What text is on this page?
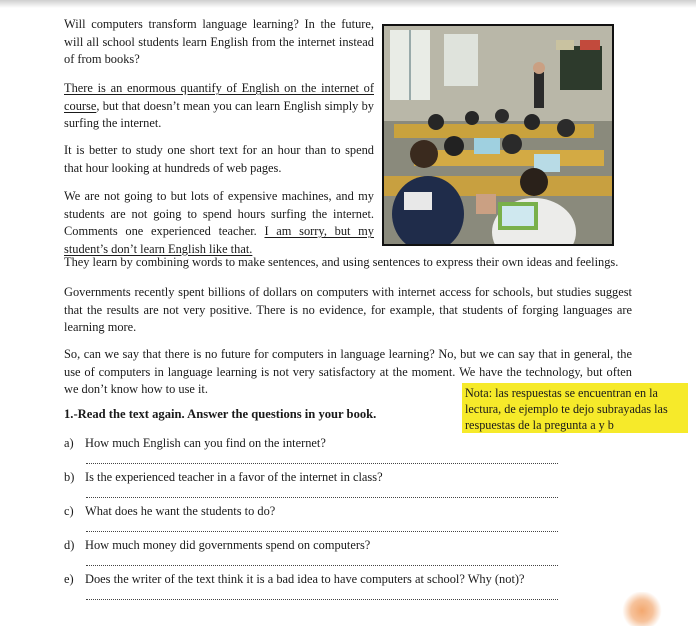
Will computers transform language learning? In the future, will all school students learn English from the internet instead of from books?

There is an enormous quantify of English on the internet of course, but that doesn’t mean you can learn English simply by surfing the internet.

It is better to study one short text for an hour than to spend that hour looking at hundreds of web pages.

We are not going to but lots of expensive machines, and my students are not going to spend hours surfing the internet. Comments one experienced teacher. I am sorry, but my student’s don’t learn English like that.

They learn by combining words to make sentences, and using sentences to express their own ideas and feelings.

Governments recently spent billions of dollars on computers with internet access for schools, but studies suggest that the results are not very positive. There is no evidence, for example, that students of forging languages are learning more.

So, can we say that there is no future for computers in language learning? No, but we can say that in general, the use of computers in language learning is not very satisfactory at the moment. We have the technology, but often we don’t know how to use it.	Nota: las respuestas se encuentran en la lectura, de ejemplo te dejo subrayadas las respuestas de la pregunta a y b
1.-Read the text again. Answer the questions in your book.
a) How much English can you find on the internet?
b) Is the experienced teacher in a favor of the internet in class?
c) What does he want the students to do?
d) How much money did governments spend on computers?
e) Does the writer of the text think it is a bad idea to have computers at school? Why (not)?
